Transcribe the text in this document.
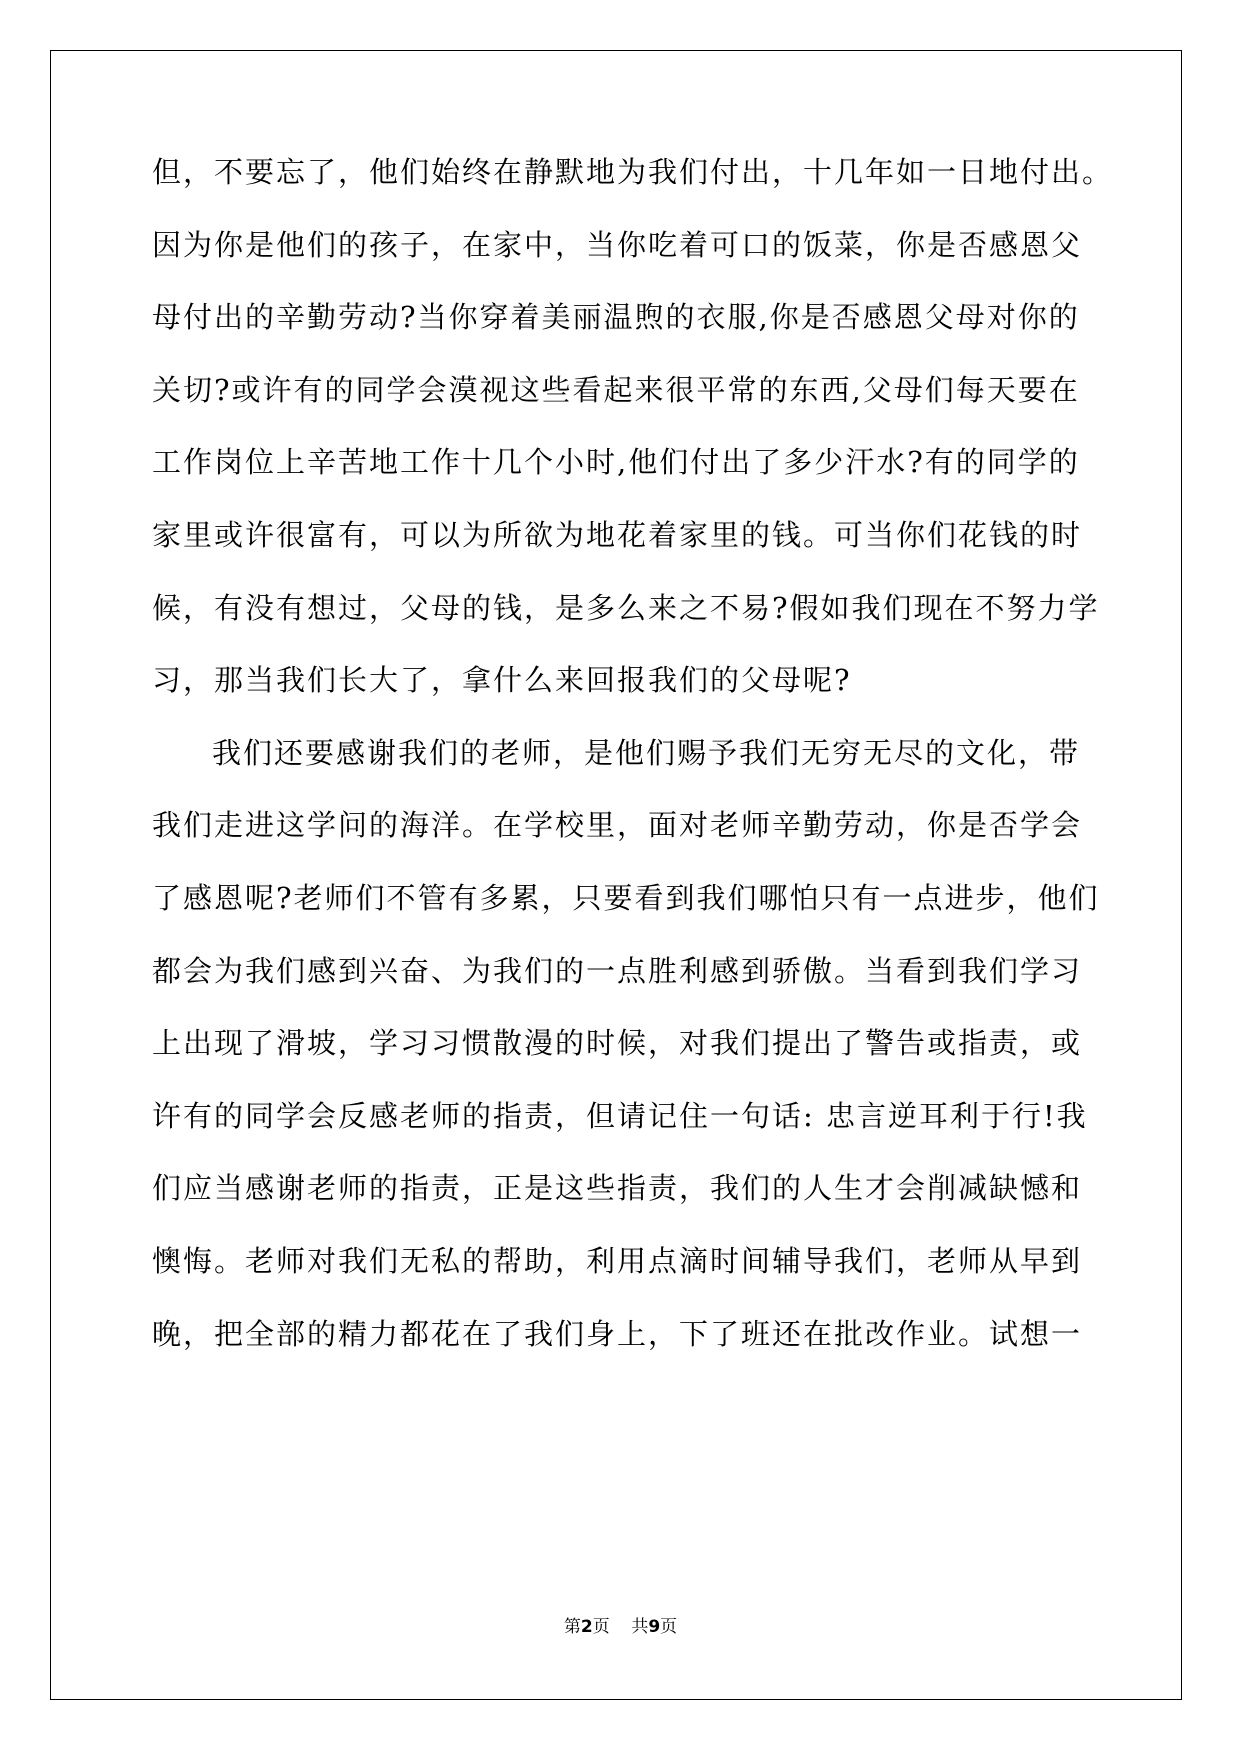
但，不要忘了，他们始终在静默地为我们付出，十几年如一日地付出。
因为你是他们的孩子，在家中，当你吃着可口的饭菜，你是否感恩父
母付出的辛勤劳动?当你穿着美丽温煦的衣服,你是否感恩父母对你的
关切?或许有的同学会漠视这些看起来很平常的东西,父母们每天要在
工作岗位上辛苦地工作十几个小时,他们付出了多少汗水?有的同学的
家里或许很富有，可以为所欲为地花着家里的钱。可当你们花钱的时
候，有没有想过，父母的钱，是多么来之不易?假如我们现在不努力学
习，那当我们长大了，拿什么来回报我们的父母呢?
我们还要感谢我们的老师，是他们赐予我们无穷无尽的文化，带
我们走进这学问的海洋。在学校里，面对老师辛勤劳动，你是否学会
了感恩呢?老师们不管有多累，只要看到我们哪怕只有一点进步，他们
都会为我们感到兴奋、为我们的一点胜利感到骄傲。当看到我们学习
上出现了滑坡，学习习惯散漫的时候，对我们提出了警告或指责，或
许有的同学会反感老师的指责，但请记住一句话: 忠言逆耳利于行!我
们应当感谢老师的指责，正是这些指责，我们的人生才会削减缺憾和
懊悔。老师对我们无私的帮助，利用点滴时间辅导我们，老师从早到
晚，把全部的精力都花在了我们身上，下了班还在批改作业。试想一
第2页 共9页
